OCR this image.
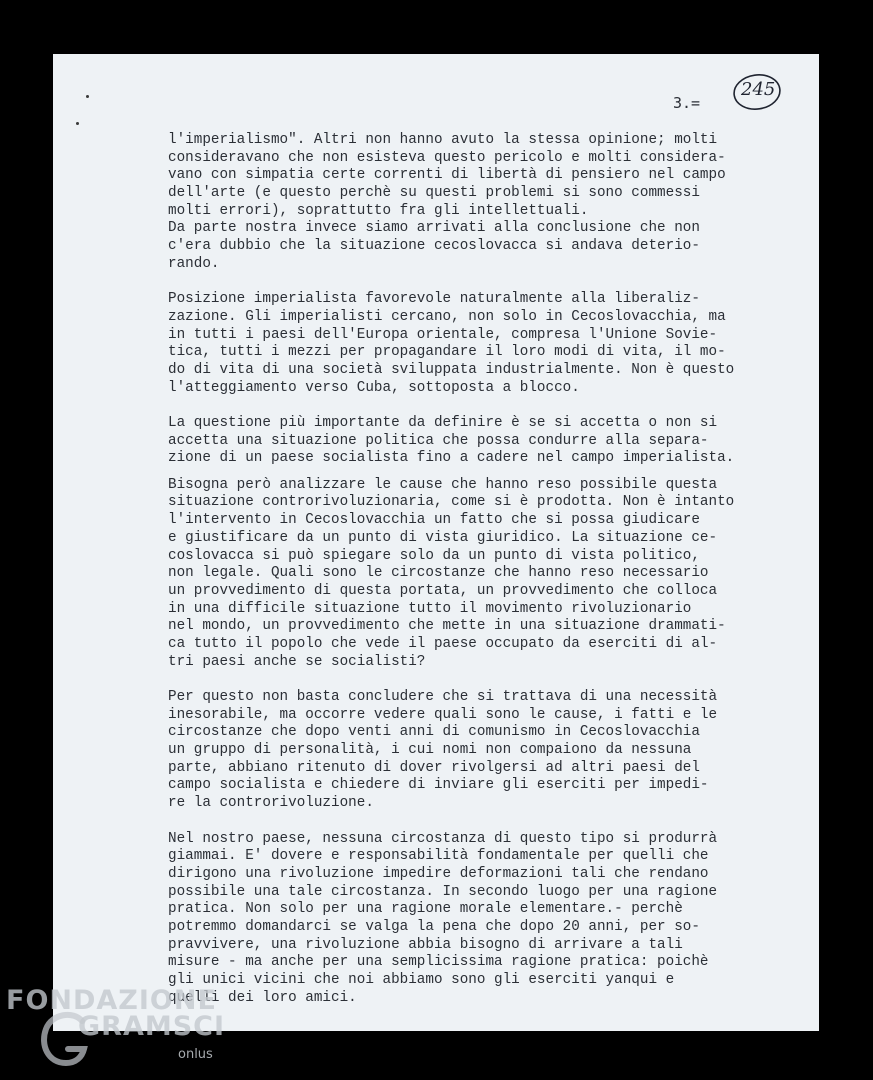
3.=
245
l'imperialismo". Altri non hanno avuto la stessa opinione; molti
consideravano che non esisteva questo pericolo e molti considera-
vano con simpatia certe correnti di libertà di pensiero nel campo
dell'arte (e questo perchè su questi problemi si sono commessi
molti errori), soprattutto fra gli intellettuali.
Da parte nostra invece siamo arrivati alla conclusione che non
c'era dubbio che la situazione cecoslovacca si andava deterio-
rando.
Posizione imperialista favorevole naturalmente alla liberaliz-
zazione. Gli imperialisti cercano, non solo in Cecoslovacchia, ma
in tutti i paesi dell'Europa orientale, compresa l'Unione Sovie-
tica, tutti i mezzi per propagandare il loro modi di vita, il mo-
do di vita di una società sviluppata industrialmente. Non è questo
l'atteggiamento verso Cuba, sottoposta a blocco.
La questione più importante da definire è se si accetta o non si
accetta una situazione politica che possa condurre alla separa-
zione di un paese socialista fino a cadere nel campo imperialista.
Bisogna però analizzare le cause che hanno reso possibile questa
situazione controrivoluzionaria, come si è prodotta. Non è intanto
l'intervento in Cecoslovacchia un fatto che si possa giudicare
e giustificare da un punto di vista giuridico. La situazione ce-
coslovacca si può spiegare solo da un punto di vista politico,
non legale. Quali sono le circostanze che hanno reso necessario
un provvedimento di questa portata, un provvedimento che colloca
in una difficile situazione tutto il movimento rivoluzionario
nel mondo, un provvedimento che mette in una situazione drammati-
ca tutto il popolo che vede il paese occupato da eserciti di al-
tri paesi anche se socialisti?
Per questo non basta concludere che si trattava di una necessità
inesorabile, ma occorre vedere quali sono le cause, i fatti e le
circostanze che dopo venti anni di comunismo in Cecoslovacchia
un gruppo di personalità, i cui nomi non compaiono da nessuna
parte, abbiano ritenuto di dover rivolgersi ad altri paesi del
campo socialista e chiedere di inviare gli eserciti per impedi-
re la controrivoluzione.
Nel nostro paese, nessuna circostanza di questo tipo si produrrà
giammai. E' dovere e responsabilità fondamentale per quelli che
dirigono una rivoluzione impedire deformazioni tali che rendano
possibile una tale circostanza. In secondo luogo per una ragione
pratica. Non solo per una ragione morale elementare.- perchè
potremmo domandarci se valga la pena che dopo 20 anni, per so-
pravvivere, una rivoluzione abbia bisogno di arrivare a tali
misure - ma anche per una semplicissima ragione pratica: poichè
gli unici vicini che noi abbiamo sono gli eserciti yanqui e
quelli dei loro amici.
FONDAZIONE
GRAMSCI
onlus
